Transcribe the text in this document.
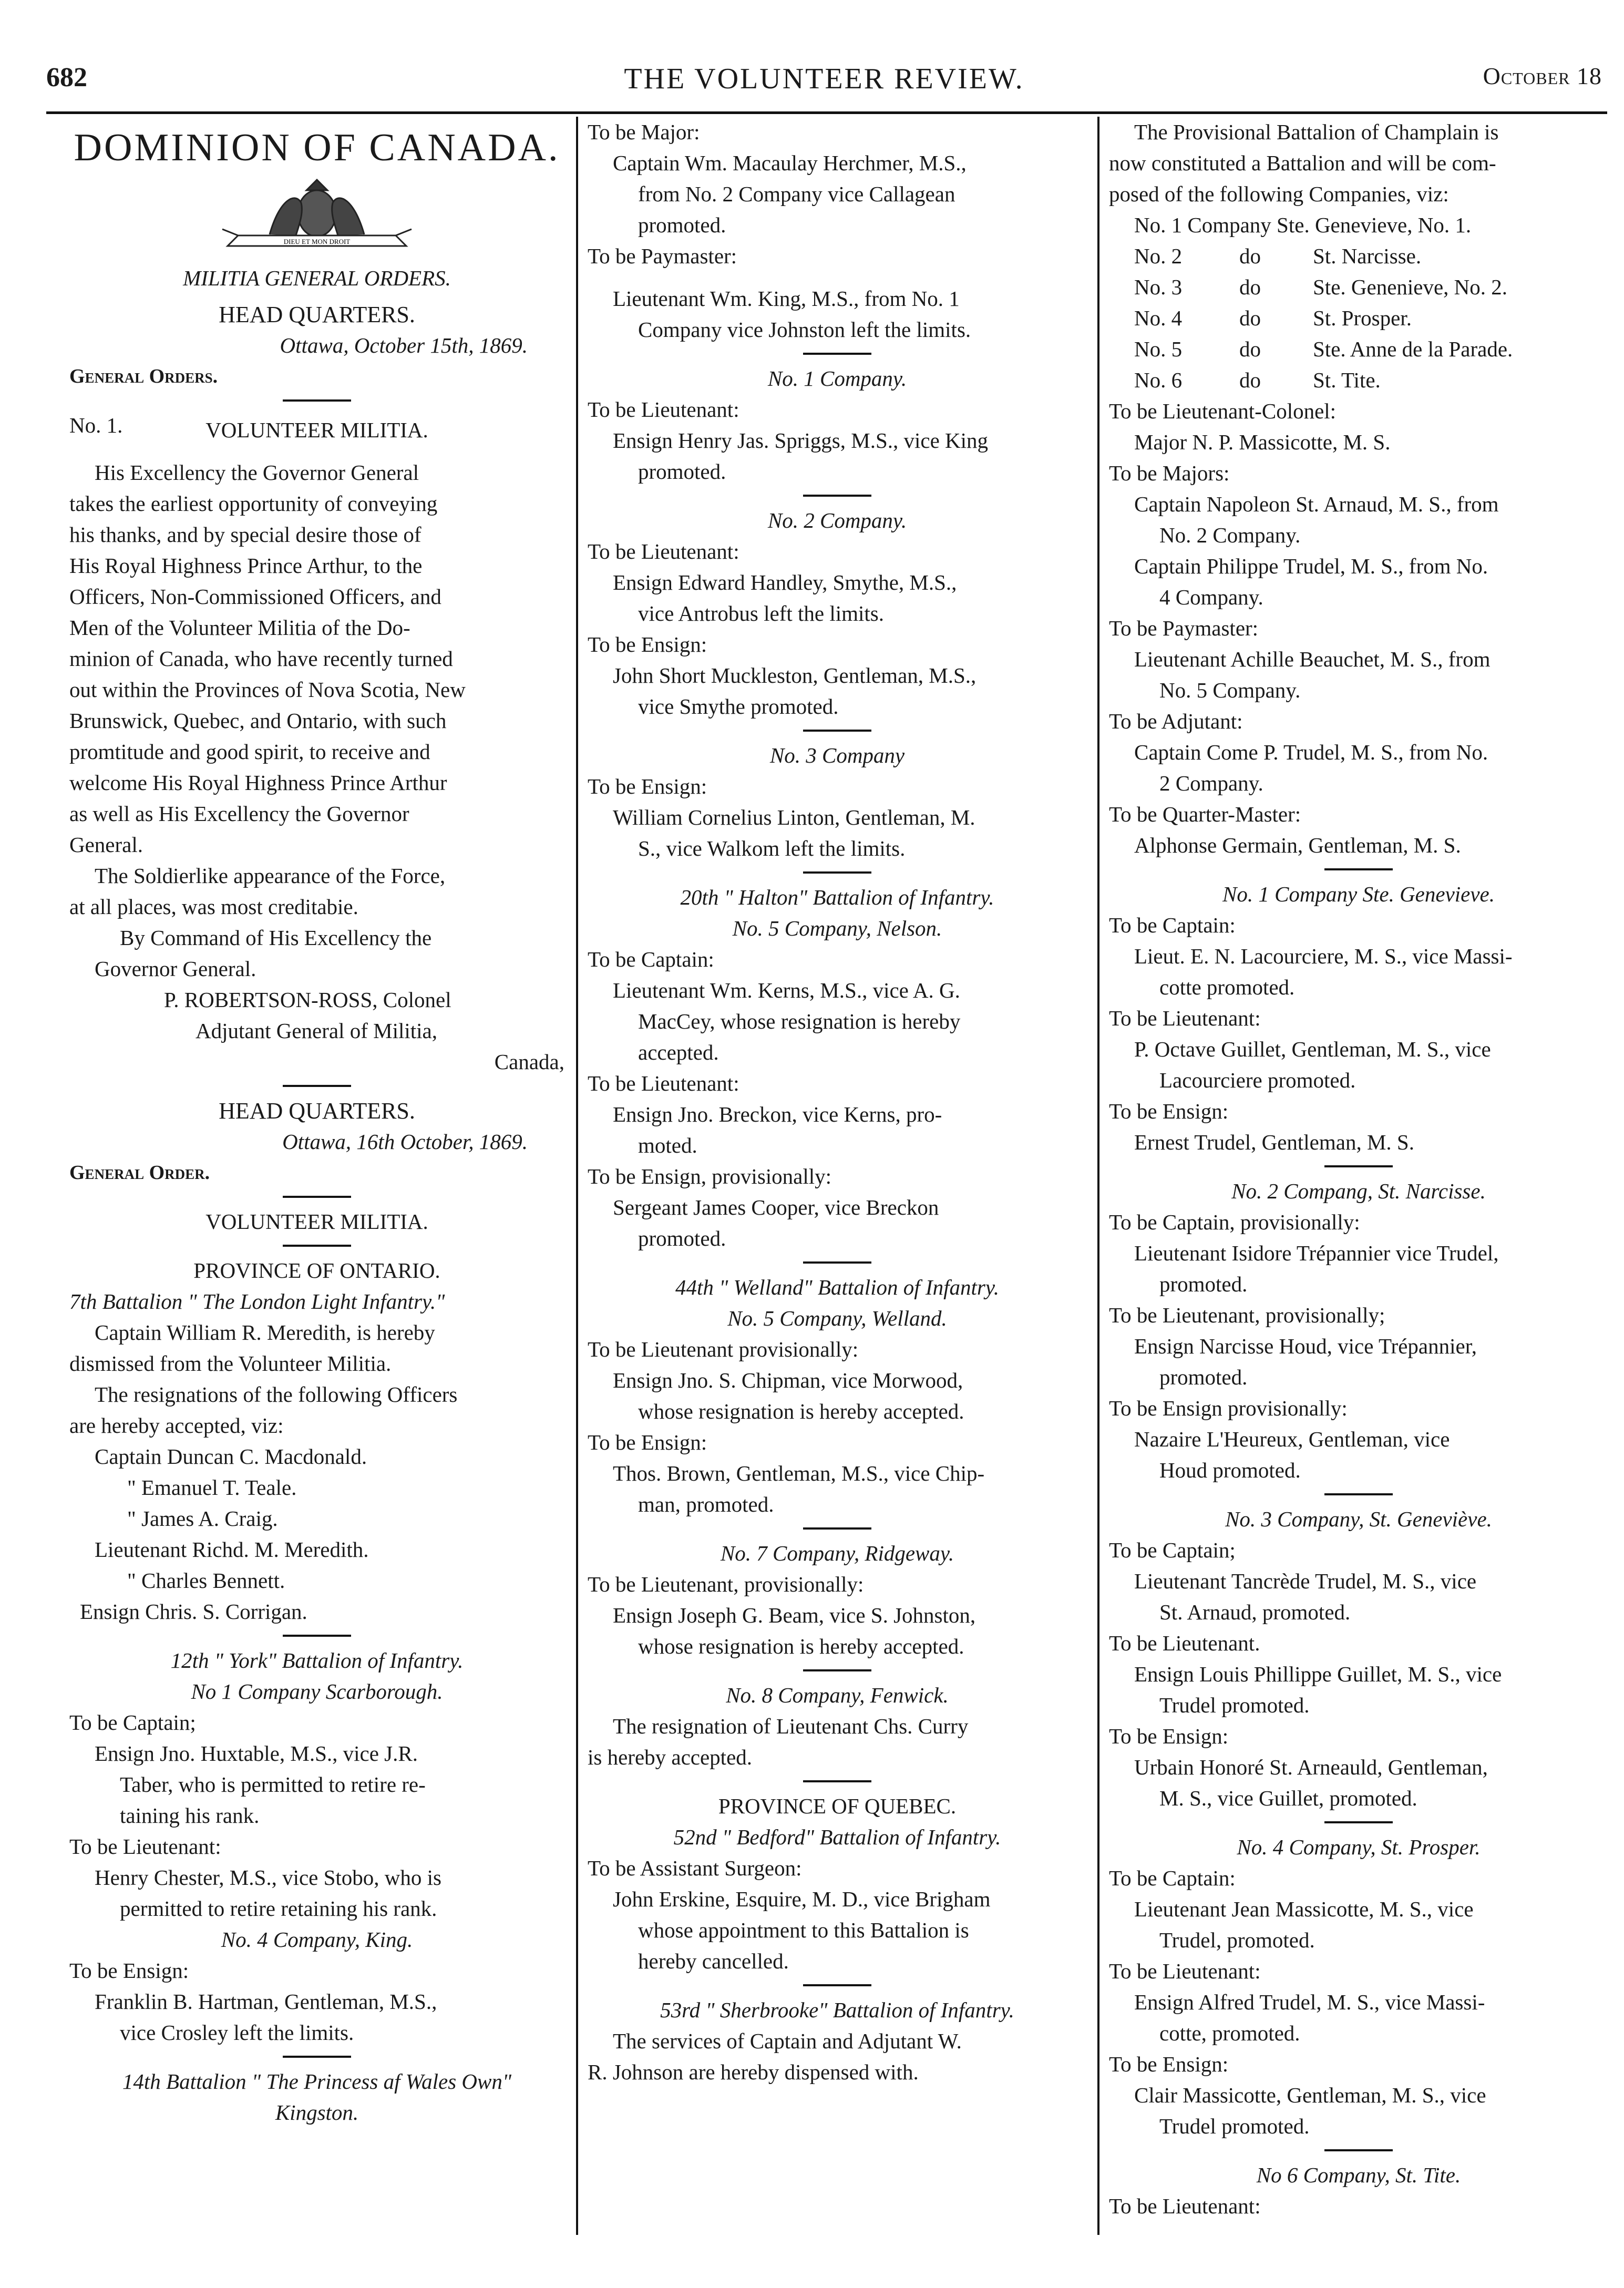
682	THE VOLUNTEER REVIEW.	October 18
DOMINION OF CANADA.
DIEU ET MON DROIT
MILITIA GENERAL ORDERS.
HEAD QUARTERS.
Ottawa, October 15th, 1869.
General Orders.
No. 1.	VOLUNTEER MILITIA.
His Excellency the Governor General
takes the earliest opportunity of conveying
his thanks, and by special desire those of
His Royal Highness Prince Arthur, to the
Officers, Non-Commissioned Officers, and
Men of the Volunteer Militia of the Do-
minion of Canada, who have recently turned
out within the Provinces of Nova Scotia, New
Brunswick, Quebec, and Ontario, with such
promtitude and good spirit, to receive and
welcome His Royal Highness Prince Arthur
as well as His Excellency the Governor
General.
The Soldierlike appearance of the Force,
at all places, was most creditabie.
By Command of His Excellency the
Governor General.
P. ROBERTSON-ROSS, Colonel
Adjutant General of Militia,
Canada,
HEAD QUARTERS.
Ottawa, 16th October, 1869.
General Order.
VOLUNTEER MILITIA.
PROVINCE OF ONTARIO.
7th Battalion " The London Light Infantry."
Captain William R. Meredith, is hereby
dismissed from the Volunteer Militia.
The resignations of the following Officers
are hereby accepted, viz:
Captain Duncan C. Macdonald.
" Emanuel T. Teale.
" James A. Craig.
Lieutenant Richd. M. Meredith.
" Charles Bennett.
Ensign Chris. S. Corrigan.
12th " York" Battalion of Infantry.
No 1 Company Scarborough.
To be Captain;
Ensign Jno. Huxtable, M.S., vice J.R.
Taber, who is permitted to retire re-
taining his rank.
To be Lieutenant:
Henry Chester, M.S., vice Stobo, who is
permitted to retire retaining his rank.
No. 4 Company, King.
To be Ensign:
Franklin B. Hartman, Gentleman, M.S.,
vice Crosley left the limits.
14th Battalion " The Princess af Wales Own"
Kingston.
To be Major:
Captain Wm. Macaulay Herchmer, M.S.,
from No. 2 Company vice Callagean
promoted.
To be Paymaster:
Lieutenant Wm. King, M.S., from No. 1
Company vice Johnston left the limits.
No. 1 Company.
To be Lieutenant:
Ensign Henry Jas. Spriggs, M.S., vice King
promoted.
No. 2 Company.
To be Lieutenant:
Ensign Edward Handley, Smythe, M.S.,
vice Antrobus left the limits.
To be Ensign:
John Short Muckleston, Gentleman, M.S.,
vice Smythe promoted.
No. 3 Company
To be Ensign:
William Cornelius Linton, Gentleman, M.
S., vice Walkom left the limits.
20th " Halton" Battalion of Infantry.
No. 5 Company, Nelson.
To be Captain:
Lieutenant Wm. Kerns, M.S., vice A. G.
MacCey, whose resignation is hereby
accepted.
To be Lieutenant:
Ensign Jno. Breckon, vice Kerns, pro-
moted.
To be Ensign, provisionally:
Sergeant James Cooper, vice Breckon
promoted.
44th " Welland" Battalion of Infantry.
No. 5 Company, Welland.
To be Lieutenant provisionally:
Ensign Jno. S. Chipman, vice Morwood,
whose resignation is hereby accepted.
To be Ensign:
Thos. Brown, Gentleman, M.S., vice Chip-
man, promoted.
No. 7 Company, Ridgeway.
To be Lieutenant, provisionally:
Ensign Joseph G. Beam, vice S. Johnston,
whose resignation is hereby accepted.
No. 8 Company, Fenwick.
The resignation of Lieutenant Chs. Curry
is hereby accepted.
PROVINCE OF QUEBEC.
52nd " Bedford" Battalion of Infantry.
To be Assistant Surgeon:
John Erskine, Esquire, M. D., vice Brigham
whose appointment to this Battalion is
hereby cancelled.
53rd " Sherbrooke" Battalion of Infantry.
The services of Captain and Adjutant W.
R. Johnson are hereby dispensed with.
The Provisional Battalion of Champlain is
now constituted a Battalion and will be com-
posed of the following Companies, viz:
No. 1 Company Ste. Genevieve, No. 1.
No. 2	do St. Narcisse.
No. 3	do Ste. Genenieve, No. 2.
No. 4	do St. Prosper.
No. 5	do Ste. Anne de la Parade.
No. 6	do St. Tite.
To be Lieutenant-Colonel:
Major N. P. Massicotte, M. S.
To be Majors:
Captain Napoleon St. Arnaud, M. S., from
No. 2 Company.
Captain Philippe Trudel, M. S., from No.
4 Company.
To be Paymaster:
Lieutenant Achille Beauchet, M. S., from
No. 5 Company.
To be Adjutant:
Captain Come P. Trudel, M. S., from No.
2 Company.
To be Quarter-Master:
Alphonse Germain, Gentleman, M. S.
No. 1 Company Ste. Genevieve.
To be Captain:
Lieut. E. N. Lacourciere, M. S., vice Massi-
cotte promoted.
To be Lieutenant:
P. Octave Guillet, Gentleman, M. S., vice
Lacourciere promoted.
To be Ensign:
Ernest Trudel, Gentleman, M. S.
No. 2 Compang, St. Narcisse.
To be Captain, provisionally:
Lieutenant Isidore Trépannier vice Trudel,
promoted.
To be Lieutenant, provisionally;
Ensign Narcisse Houd, vice Trépannier,
promoted.
To be Ensign provisionally:
Nazaire L'Heureux, Gentleman, vice
Houd promoted.
No. 3 Company, St. Geneviève.
To be Captain;
Lieutenant Tancrède Trudel, M. S., vice
St. Arnaud, promoted.
To be Lieutenant.
Ensign Louis Phillippe Guillet, M. S., vice
Trudel promoted.
To be Ensign:
Urbain Honoré St. Arneauld, Gentleman,
M. S., vice Guillet, promoted.
No. 4 Company, St. Prosper.
To be Captain:
Lieutenant Jean Massicotte, M. S., vice
Trudel, promoted.
To be Lieutenant:
Ensign Alfred Trudel, M. S., vice Massi-
cotte, promoted.
To be Ensign:
Clair Massicotte, Gentleman, M. S., vice
Trudel promoted.
No 6 Company, St. Tite.
To be Lieutenant:
